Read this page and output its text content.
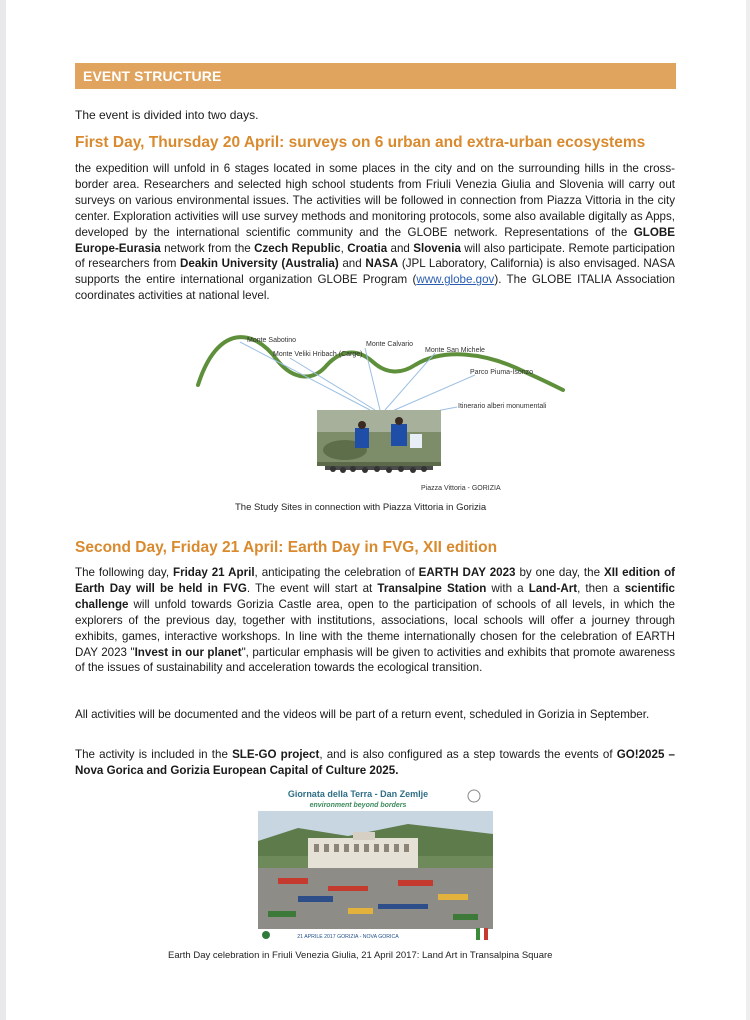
EVENT STRUCTURE
The event is divided into two days.
First Day, Thursday 20 April: surveys on 6 urban and extra-urban ecosystems

the expedition will unfold in 6 stages located in some places in the city and on the surrounding hills in the cross-border area. Researchers and selected high school students from Friuli Venezia Giulia and Slovenia will carry out surveys on various environmental issues. The activities will be followed in connection from Piazza Vittoria in the city center. Exploration activities will use survey methods and monitoring protocols, some also available digitally as Apps, developed by the international scientific community and the GLOBE network. Representations of the GLOBE Europe-Eurasia network from the Czech Republic, Croatia and Slovenia will also participate. Remote participation of researchers from Deakin University (Australia) and NASA (JPL Laboratory, California) is also envisaged. NASA supports the entire international organization GLOBE Program (www.globe.gov). The GLOBE ITALIA Association coordinates activities at national level.

Monte Sabotino
Monte Veliki Hribach (Carge)
Monte Calvario
Monte San Michele
Parco Piuma-Isonzo
Itinerario alberi monumentali
Piazza Vittoria - GORIZIA
The Study Sites in connection with Piazza Vittoria in Gorizia
Second Day, Friday 21 April: Earth Day in FVG, XII edition

The following day, Friday 21 April, anticipating the celebration of EARTH DAY 2023 by one day, the XII edition of Earth Day will be held in FVG. The event will start at Transalpine Station with a Land-Art, then a scientific challenge will unfold towards Gorizia Castle area, open to the participation of schools of all levels, in which the explorers of the previous day, together with institutions, associations, local schools will offer a journey through exhibits, games, interactive workshops. In line with the theme internationally chosen for the celebration of EARTH DAY 2023 "Invest in our planet", particular emphasis will be given to activities and exhibits that promote awareness of the issues of sustainability and acceleration towards the ecological transition.

All activities will be documented and the videos will be part of a return event, scheduled in Gorizia in September.

The activity is included in the SLE-GO project, and is also configured as a step towards the events of GO!2025 – Nova Gorica and Gorizia European Capital of Culture 2025.

Giornata della Terra - Dan Zemlje
environment beyond borders
21 APRILE 2017 GORIZIA - NOVA GORICA
Earth Day celebration in Friuli Venezia Giulia, 21 April 2017: Land Art in Transalpina Square
